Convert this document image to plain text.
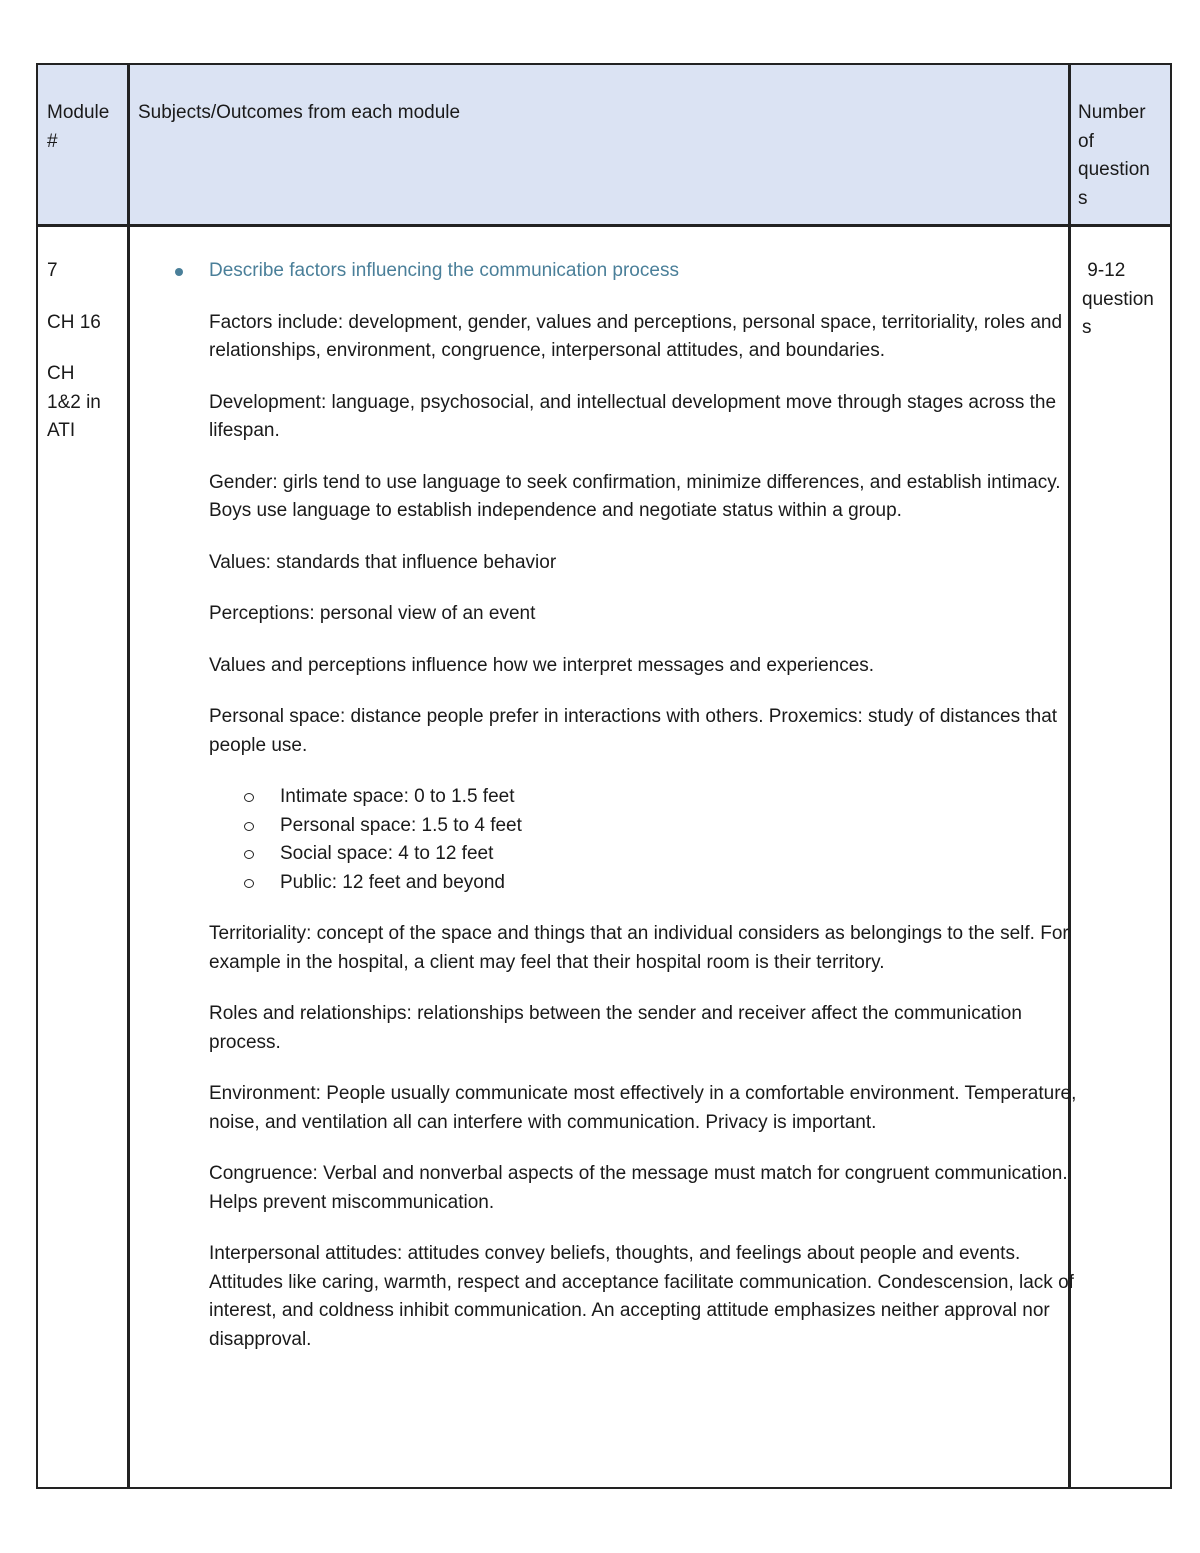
Module
#
Subjects/Outcomes from each module	Number
of
question
s

7

CH 16

CH
1&2 in
ATI

9-12
question
s
Describe factors influencing the communication process

Factors include: development, gender, values and perceptions, personal space, territoriality, roles and relationships, environment, congruence, interpersonal attitudes, and boundaries.

Development: language, psychosocial, and intellectual development move through stages across the lifespan.

Gender: girls tend to use language to seek confirmation, minimize differences, and establish intimacy. Boys use language to establish independence and negotiate status within a group.

Values: standards that influence behavior

Perceptions: personal view of an event

Values and perceptions influence how we interpret messages and experiences.

Personal space: distance people prefer in interactions with others. Proxemics: study of distances that people use.

Intimate space: 0 to 1.5 feet
Personal space: 1.5 to 4 feet
Social space: 4 to 12 feet
Public: 12 feet and beyond

Territoriality: concept of the space and things that an individual considers as belongings to the self. For example in the hospital, a client may feel that their hospital room is their territory.

Roles and relationships: relationships between the sender and receiver affect the communication process.

Environment: People usually communicate most effectively in a comfortable environment. Temperature, noise, and ventilation all can interfere with communication. Privacy is important.

Congruence: Verbal and nonverbal aspects of the message must match for congruent communication. Helps prevent miscommunication.

Interpersonal attitudes: attitudes convey beliefs, thoughts, and feelings about people and events. Attitudes like caring, warmth, respect and acceptance facilitate communication. Condescension, lack of interest, and coldness inhibit communication. An accepting attitude emphasizes neither approval nor disapproval.
